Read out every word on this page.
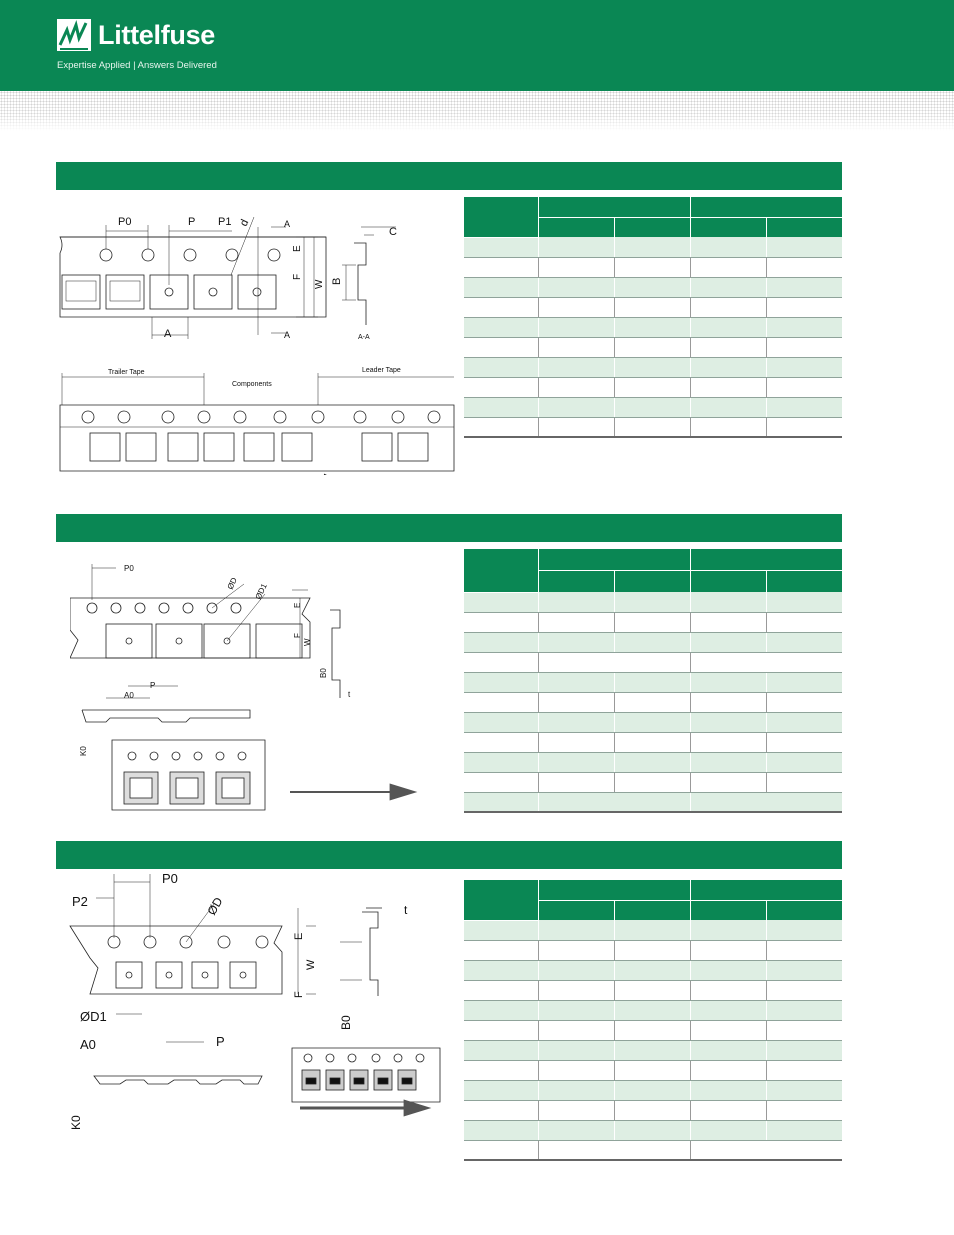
Littelfuse
Expertise Applied | Answers Delivered

P0	P P1 d	A
A	A
E
F
W B
C
A-A
Trailer Tape
Components
Leader Tape
P0
ØD ØD1
E
F
W
P
A0
B0
t
K0
P0
P2	ØD
E
W
F
ØD1
P
A0
B0
t
K0
